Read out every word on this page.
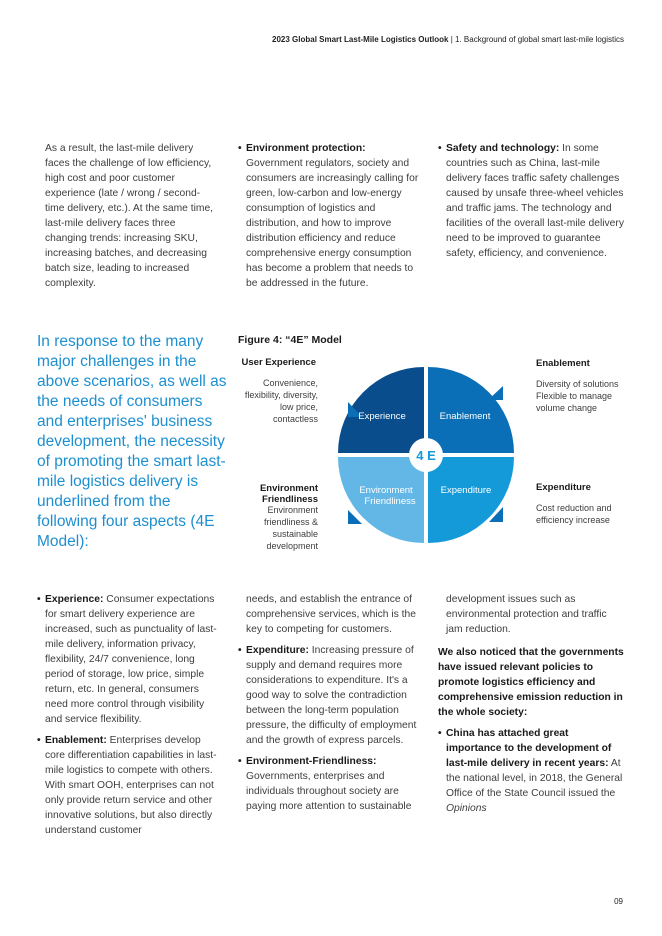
2023 Global Smart Last-Mile Logistics Outlook | 1. Background of global smart last-mile logistics
As a result, the last-mile delivery faces the challenge of low efficiency, high cost and poor customer experience (late / wrong / second-time delivery, etc.). At the same time, last-mile delivery faces three changing trends: increasing SKU, increasing batches, and decreasing batch size, leading to increased complexity.
• Environment protection: Government regulators, society and consumers are increasingly calling for green, low-carbon and low-energy consumption of logistics and distribution, and how to improve distribution efficiency and reduce comprehensive energy consumption has become a problem that needs to be addressed in the future.
• Safety and technology: In some countries such as China, last-mile delivery faces traffic safety challenges caused by unsafe three-wheel vehicles and traffic jams. The technology and facilities of the overall last-mile delivery need to be improved to guarantee safety, efficiency, and convenience.
In response to the many major challenges in the above scenarios, as well as the needs of consumers and enterprises' business development, the necessity of promoting the smart last-mile logistics delivery is underlined from the following four aspects (4E Model):
Figure 4: “4E” Model
User Experience
Convenience, flexibility, diversity, low price, contactless
Enablement
Diversity of solutions Flexible to manage volume change
Environment
Friendliness
Environment friendliness & sustainable development
Expenditure
Cost reduction and efficiency increase
4 E
Experience	Enablement
Environment
Friendliness
Expenditure
• Experience: Consumer expectations for smart delivery experience are increased, such as punctuality of last-mile delivery, information privacy, flexibility, 24/7 convenience, long period of storage, low price, simple return, etc. In general, consumers need more control through visibility and service flexibility.
• Enablement: Enterprises develop core differentiation capabilities in last-mile logistics to compete with others. With smart OOH, enterprises can not only provide return service and other innovative solutions, but also directly understand customer
needs, and establish the entrance of comprehensive services, which is the key to competing for customers.
• Expenditure: Increasing pressure of supply and demand requires more considerations to expenditure. It's a good way to solve the contradiction between the long-term population pressure, the difficulty of employment and the growth of express parcels.
• Environment-Friendliness: Governments, enterprises and individuals throughout society are paying more attention to sustainable
development issues such as environmental protection and traffic jam reduction.
We also noticed that the governments have issued relevant policies to promote logistics efficiency and comprehensive emission reduction in the whole society:
• China has attached great importance to the development of last-mile delivery in recent years: At the national level, in 2018, the General Office of the State Council issued the Opinions
09
